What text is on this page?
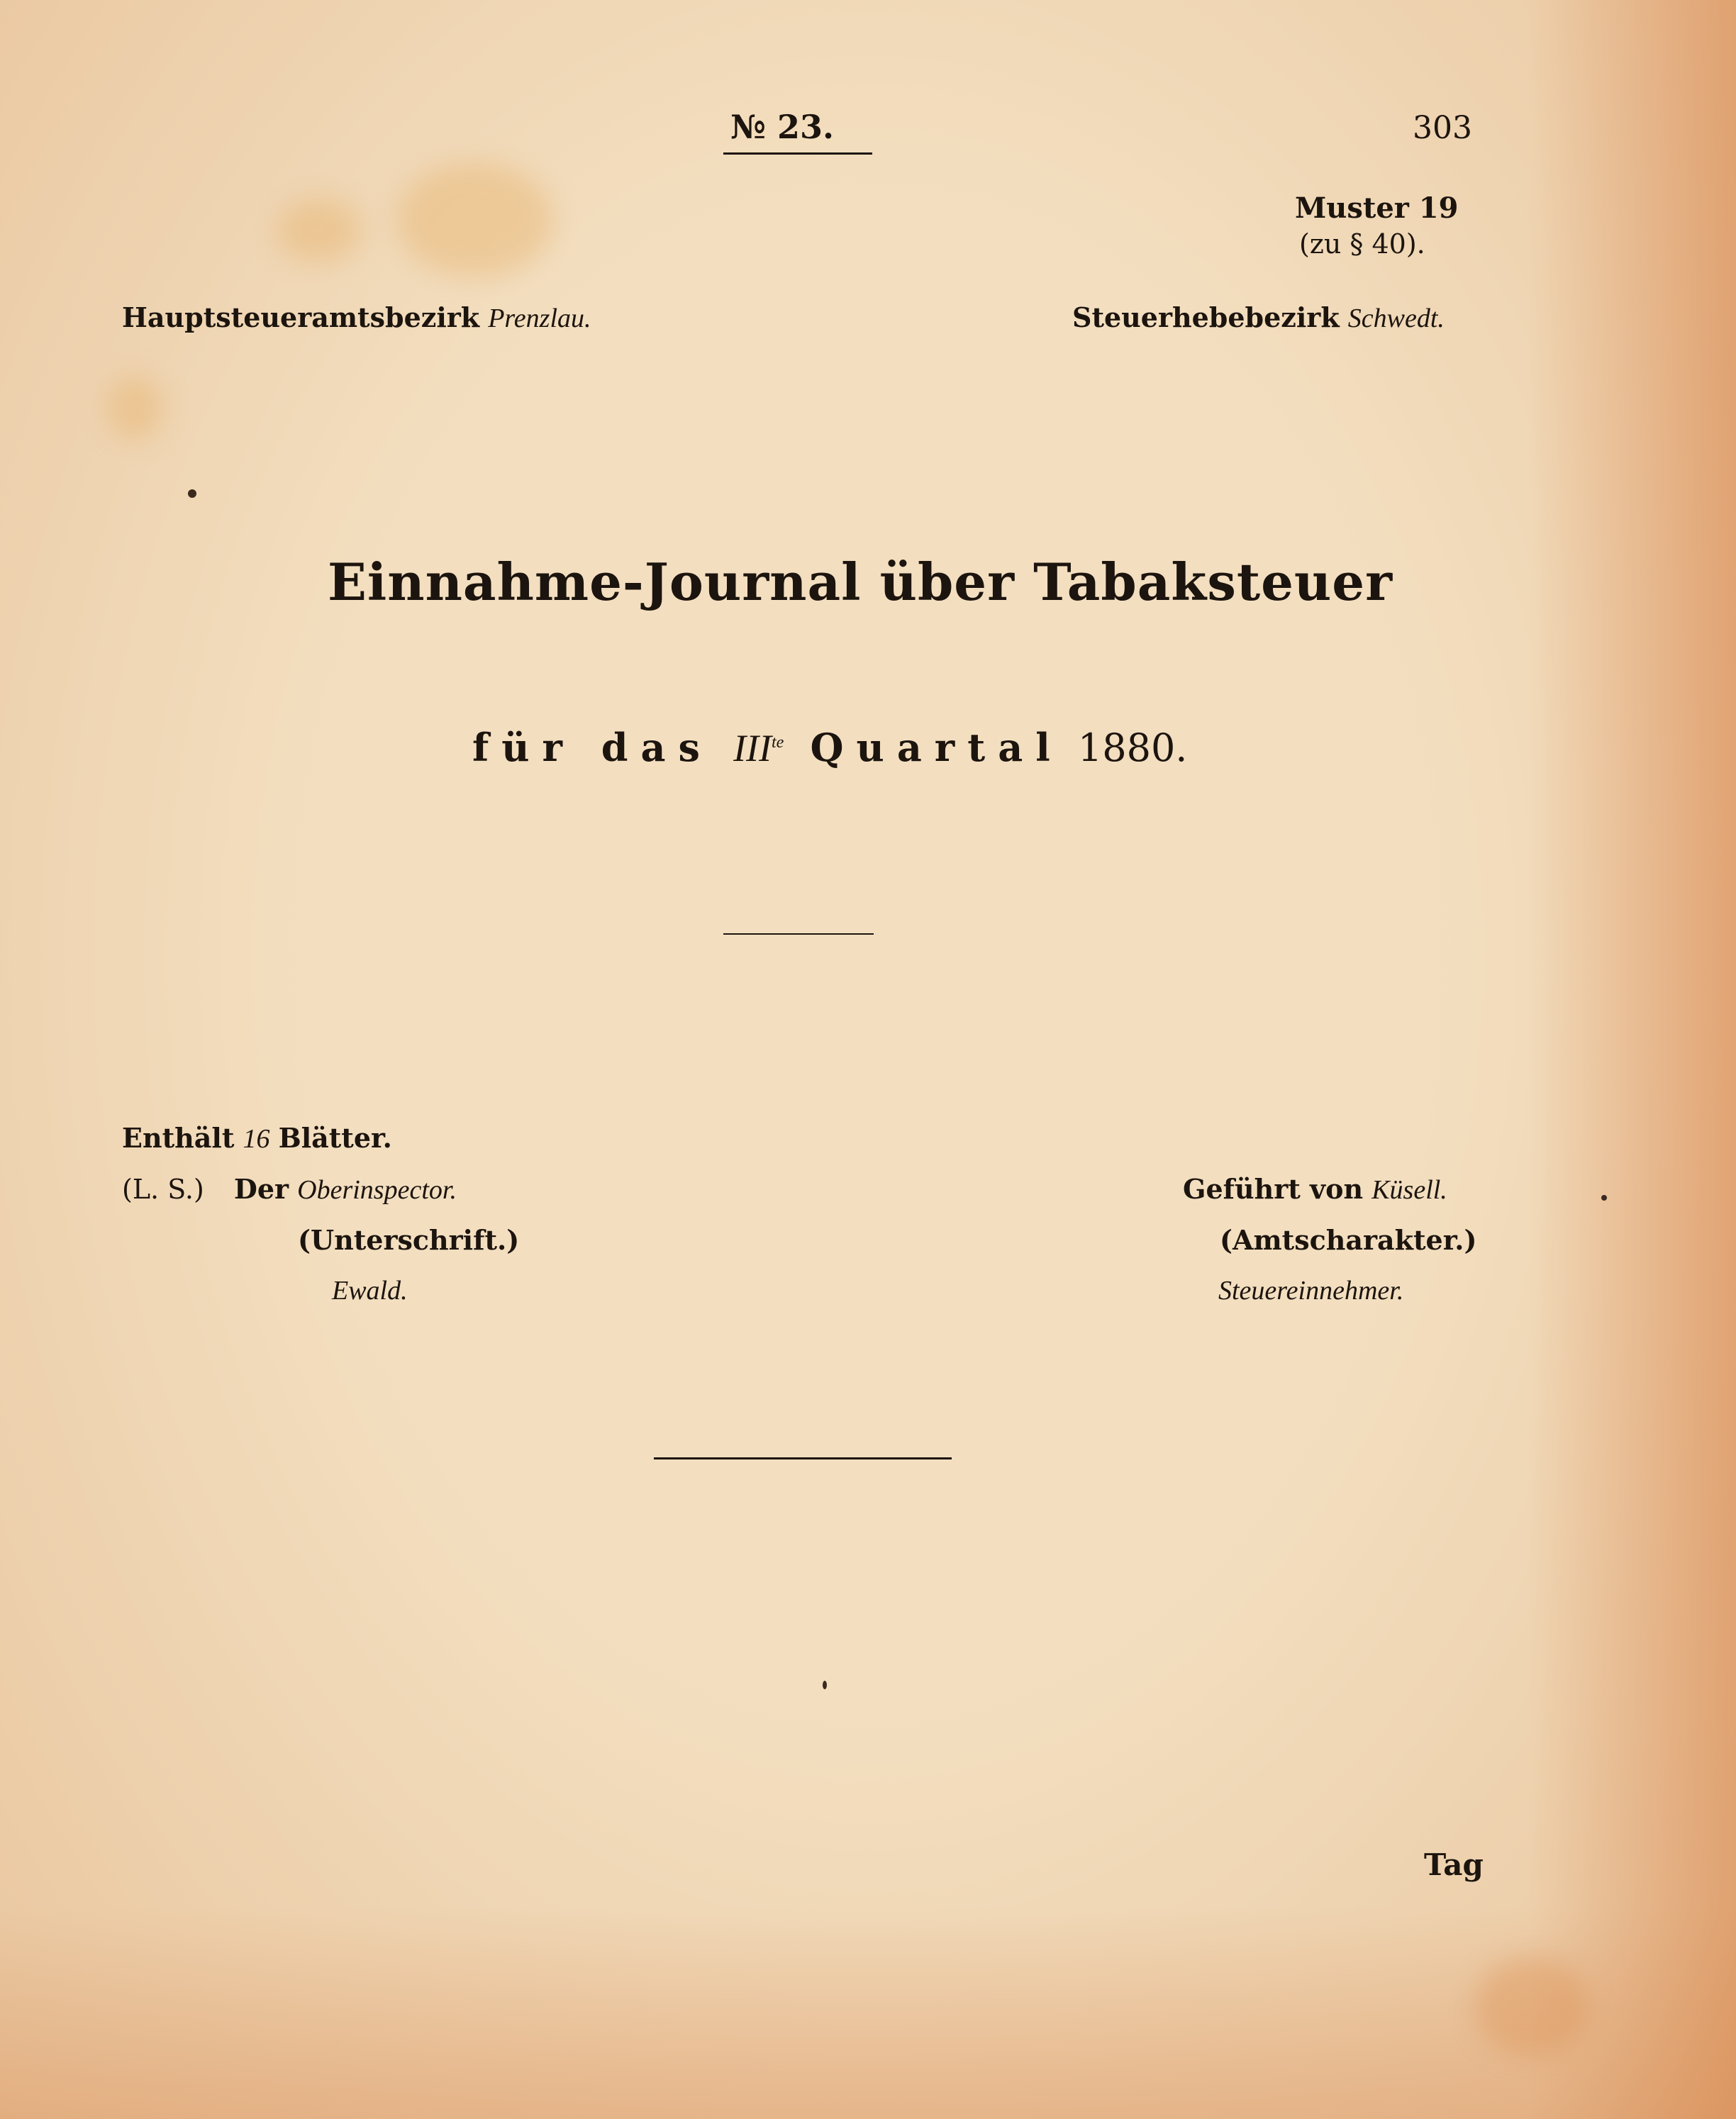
№ 23.	303
Muster 19
(zu § 40).
Hauptsteueramtsbezirk Prenzlau.	Steuerhebebezirk Schwedt.
Einnahme-Journal über Tabaksteuer
für das $III^{te}$ Quartal 1880.
Enthält 16 Blätter.
(L. S.) Der Oberinspector.
(Unterschrift.)
Ewald.
Geführt von Küsell.
(Amtscharakter.)
Steuereinnehmer.
Tag
